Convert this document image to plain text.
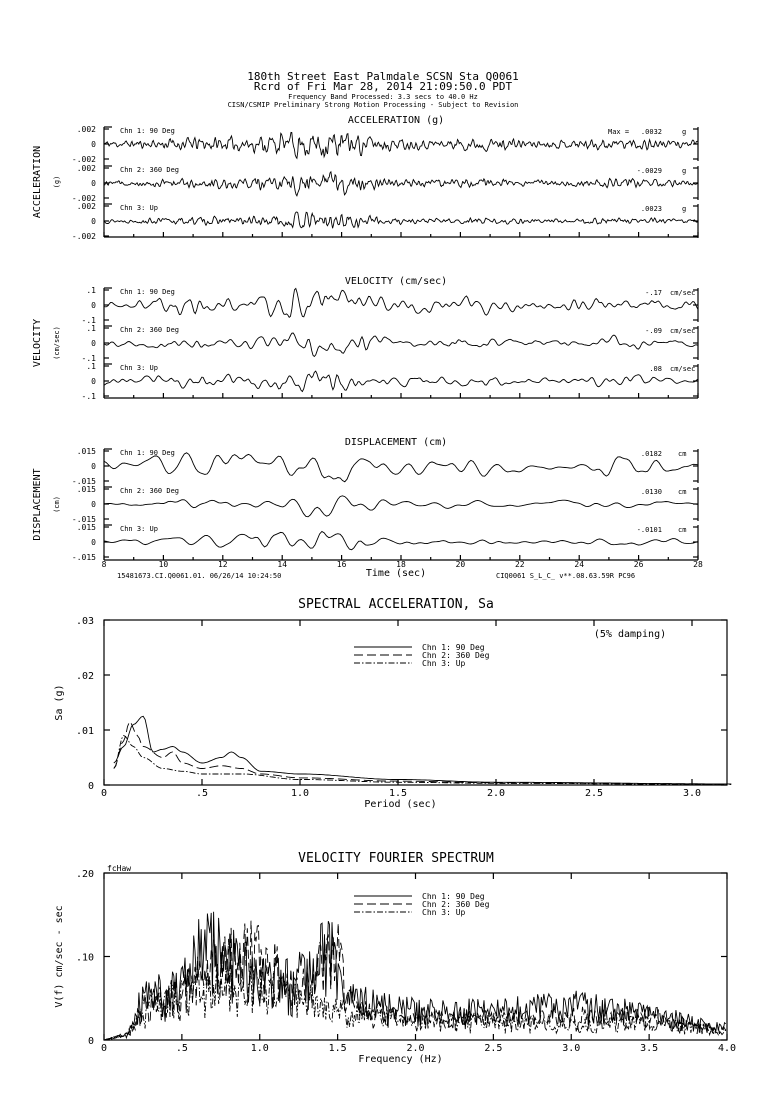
180th Street East Palmdale SCSN Sta Q0061
Rcrd of Fri Mar 28, 2014 21:09:50.0 PDT
Frequency Band Processed: 3.3 secs to 40.0 Hz
CISN/CSMIP Preliminary Strong Motion Processing - Subject to Revision
ACCELERATION (g)
ACCELERATION (g)
.002
0
-.002
Chn 1: 90 Deg	Max = .0032	g
.002
0
-.002
Chn 2: 360 Deg	-.0029	g
.002
0
-.002
Chn 3: Up	.0023	g
VELOCITY (cm/sec)
VELOCITY (cm/sec)
.1
0
-.1
Chn 1: 90 Deg	-.17 cm/sec
.1
0
-.1
Chn 2: 360 Deg	-.09 cm/sec
.1
0
-.1
Chn 3: Up	.08 cm/sec
DISPLACEMENT (cm)
DISPLACEMENT (cm)
.015
0
-.015
Chn 1: 90 Deg	.0182 cm
.015
0
-.015
Chn 2: 360 Deg	.0130 cm
.015
0
-.015
Chn 3: Up	-.0101 cm
8	10	12	14	16	18	20	22	24	26	28
15481673.CI.Q0061.01. 06/26/14 10:24:50	Time (sec)	CIQ0061 S_L_C_ v**.08.63.59R PC96
SPECTRAL ACCELERATION, Sa
0	.5	1.0	1.5	2.0	2.5	3.0
.03
.02
.01
0
Period (sec)
Sa (g)
(5% damping)
Chn 1: 90 Deg
Chn 2: 360 Deg
Chn 3: Up
VELOCITY FOURIER SPECTRUM
0	.5	1.0	1.5	2.0	2.5	3.0	3.5	4.0
.20
.10
0
Frequency (Hz)
V(f) cm/sec - sec
fcHaw
Chn 1: 90 Deg
Chn 2: 360 Deg
Chn 3: Up
